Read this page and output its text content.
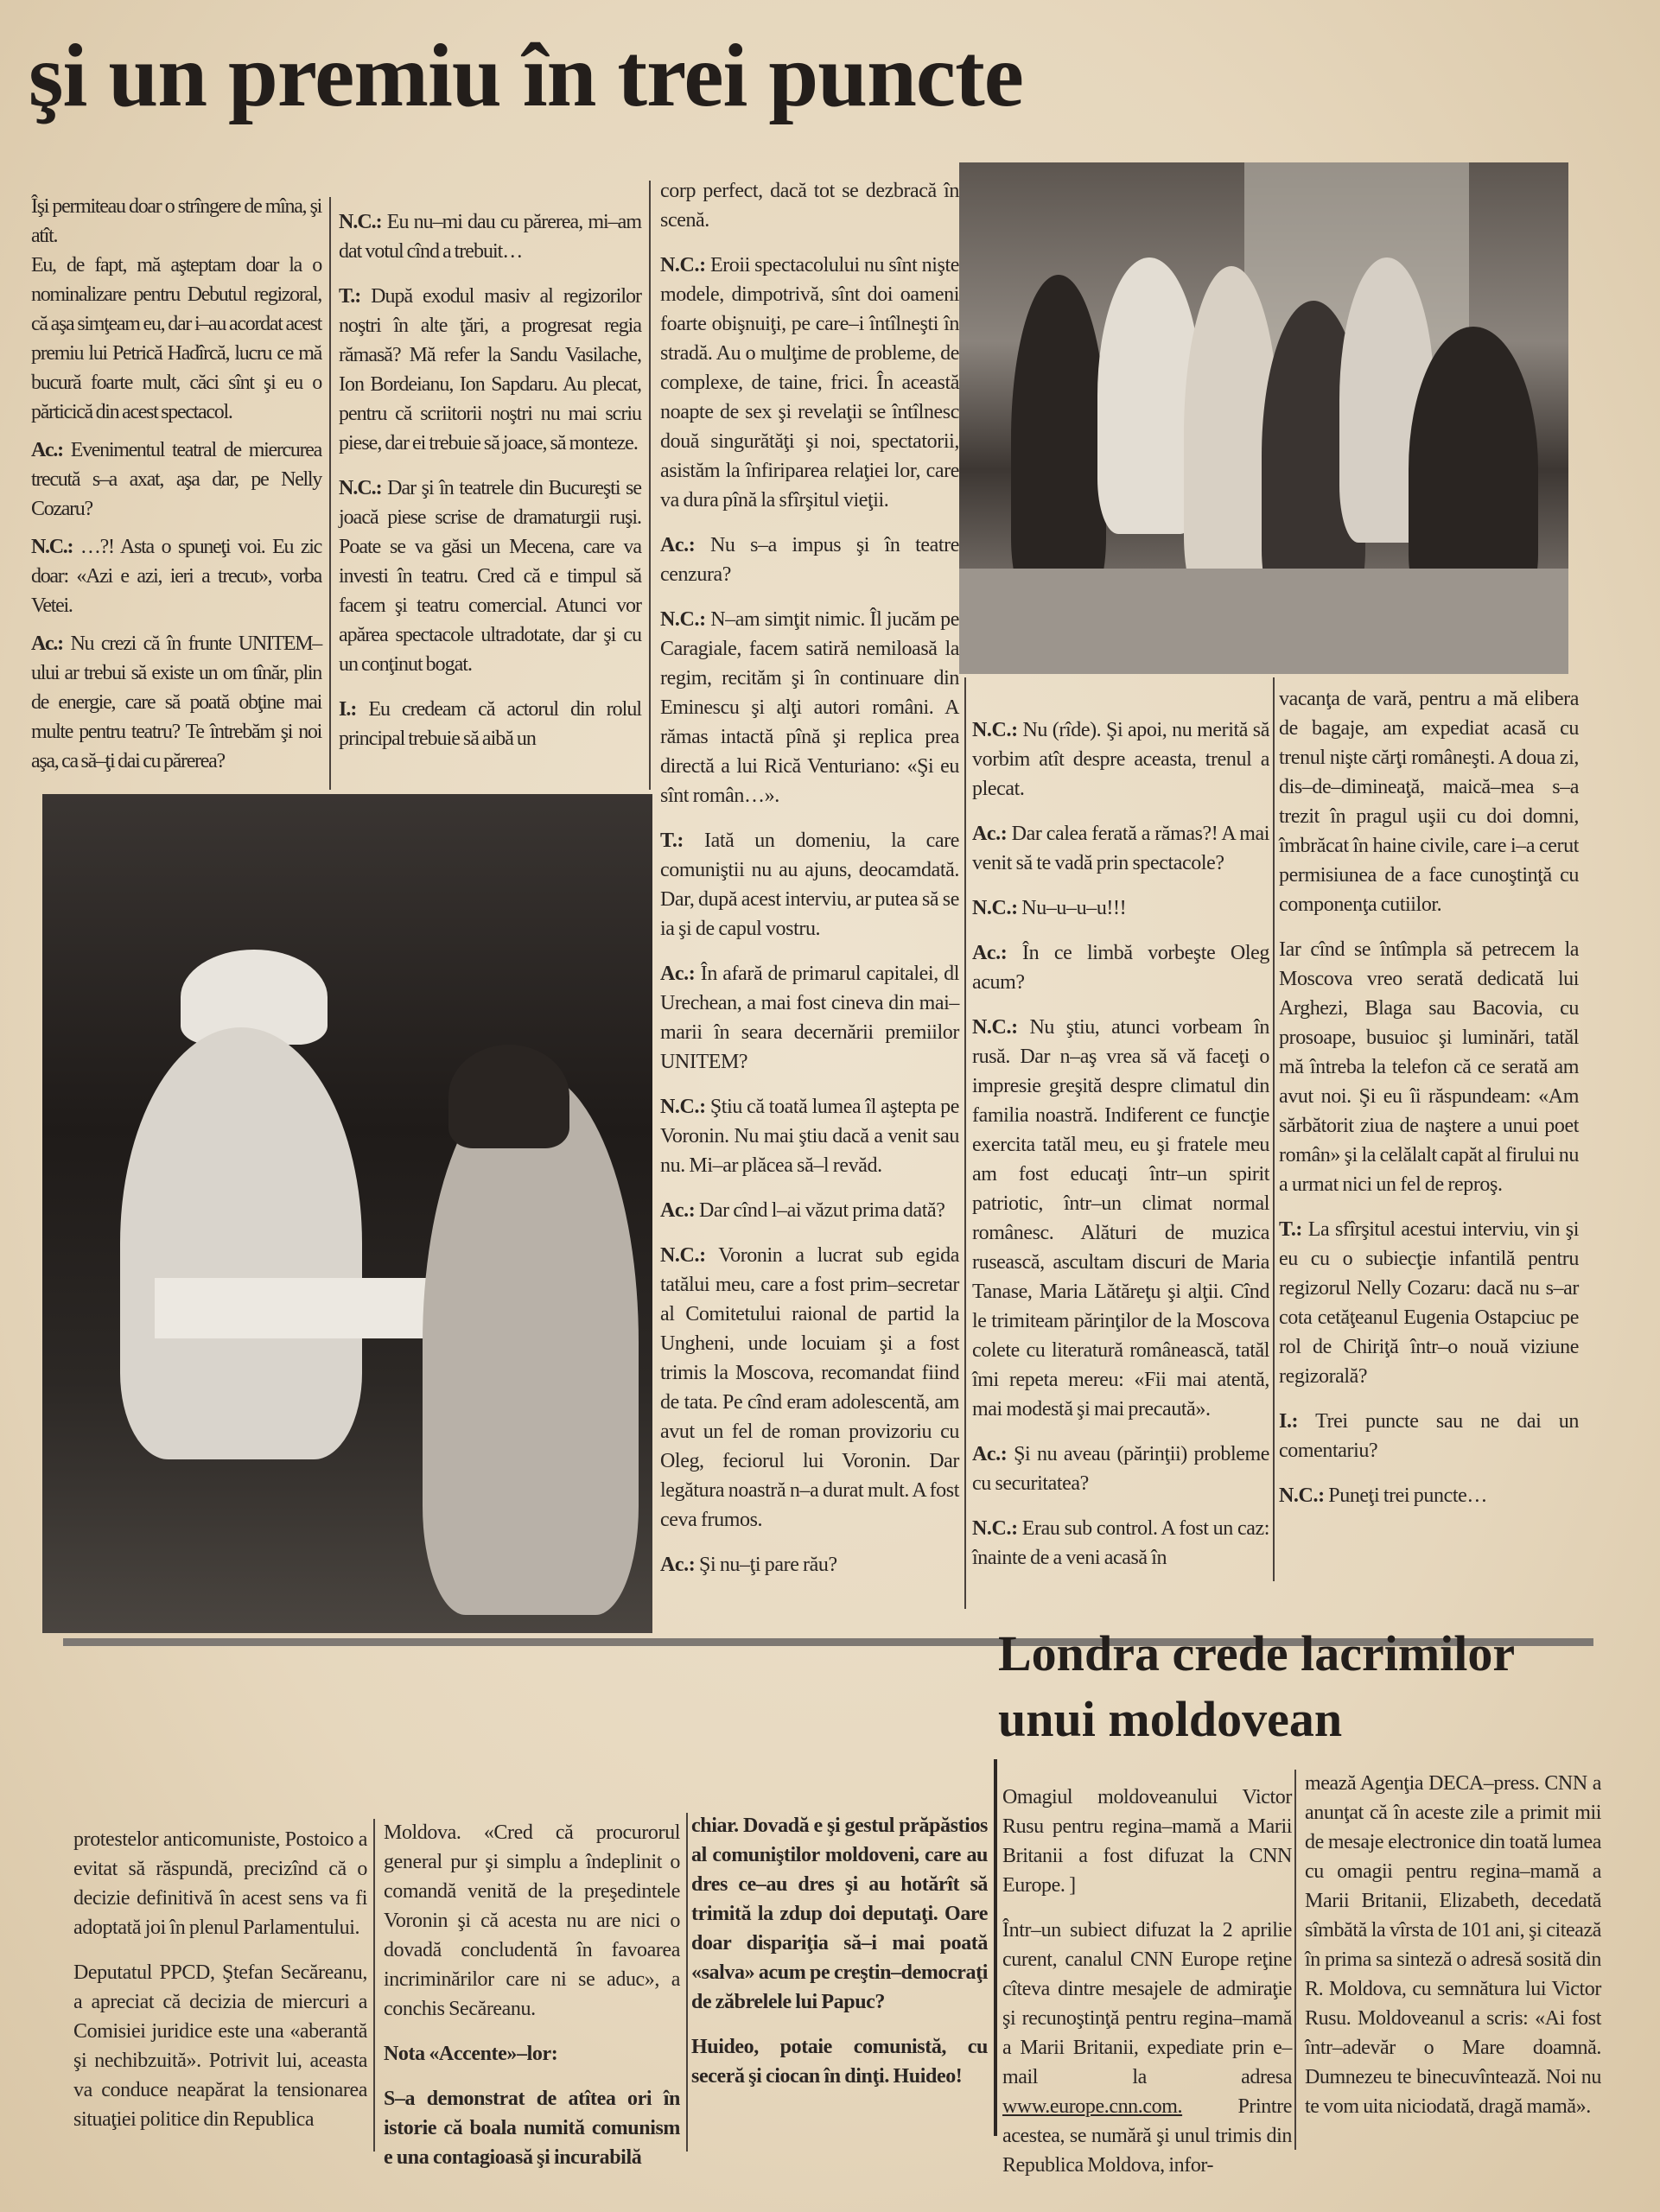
şi un premiu în trei puncte

Îşi permiteau doar o strîngere de mîna, şi atît.

Eu, de fapt, mă aşteptam doar la o nominalizare pentru Debutul regizoral, că aşa simţeam eu, dar i–au acordat acest premiu lui Petrică Hadîrcă, lucru ce mă bucură foarte mult, căci sînt şi eu o părticică din acest spectacol.

Ac.: Evenimentul teatral de miercurea trecută s–a axat, aşa dar, pe Nelly Cozaru?

N.C.: …?! Asta o spuneţi voi. Eu zic doar: «Azi e azi, ieri a trecut», vorba Vetei.

Ac.: Nu crezi că în frunte UNITEM–ului ar trebui să existe un om tînăr, plin de energie, care să poată obţine mai multe pentru teatru? Te întrebăm şi noi aşa, ca să–ţi dai cu părerea?

N.C.: Eu nu–mi dau cu părerea, mi–am dat votul cînd a trebuit…

T.: După exodul masiv al regizorilor noştri în alte ţări, a progresat regia rămasă? Mă refer la Sandu Vasilache, Ion Bordeianu, Ion Sapdaru. Au plecat, pentru că scriitorii noştri nu mai scriu piese, dar ei trebuie să joace, să monteze.

N.C.: Dar şi în teatrele din Bucureşti se joacă piese scrise de dramaturgii ruşi. Poate se va găsi un Mecena, care va investi în teatru. Cred că e timpul să facem şi teatru comercial. Atunci vor apărea spectacole ultradotate, dar şi cu un conţinut bogat.

I.: Eu credeam că actorul din rolul principal trebuie să aibă un

corp perfect, dacă tot se dezbracă în scenă.

N.C.: Eroii spectacolului nu sînt nişte modele, dimpotrivă, sînt doi oameni foarte obişnuiţi, pe care–i întîlneşti în stradă. Au o mulţime de probleme, de complexe, de taine, frici. În această noapte de sex şi revelaţii se întîlnesc două singurătăţi şi noi, spectatorii, asistăm la înfiriparea relaţiei lor, care va dura pînă la sfîrşitul vieţii.

Ac.: Nu s–a impus şi în teatre cenzura?

N.C.: N–am simţit nimic. Îl jucăm pe Caragiale, facem satiră nemiloasă la regim, recităm şi în continuare din Eminescu şi alţi autori români. A rămas intactă pînă şi replica prea directă a lui Rică Venturiano: «Şi eu sînt român…».

T.: Iată un domeniu, la care comuniştii nu au ajuns, deocamdată. Dar, după acest interviu, ar putea să se ia şi de capul vostru.

Ac.: În afară de primarul capitalei, dl Urechean, a mai fost cineva din mai–marii în seara decernării premiilor UNITEM?

N.C.: Ştiu că toată lumea îl aştepta pe Voronin. Nu mai ştiu dacă a venit sau nu. Mi–ar plăcea să–l revăd.

Ac.: Dar cînd l–ai văzut prima dată?

N.C.: Voronin a lucrat sub egida tatălui meu, care a fost prim–secretar al Comitetului raional de partid la Ungheni, unde locuiam şi a fost trimis la Moscova, recomandat fiind de tata. Pe cînd eram adolescentă, am avut un fel de roman provizoriu cu Oleg, feciorul lui Voronin. Dar legătura noastră n–a durat mult. A fost ceva frumos.

Ac.: Şi nu–ţi pare rău?

N.C.: Nu (rîde). Şi apoi, nu merită să vorbim atît despre aceasta, trenul a plecat.

Ac.: Dar calea ferată a rămas?! A mai venit să te vadă prin spectacole?

N.C.: Nu–u–u–u!!!

Ac.: În ce limbă vorbeşte Oleg acum?

N.C.: Nu ştiu, atunci vorbeam în rusă. Dar n–aş vrea să vă faceţi o impresie greşită despre climatul din familia noastră. Indiferent ce funcţie exercita tatăl meu, eu şi fratele meu am fost educaţi într–un spirit patriotic, într–un climat normal românesc. Alături de muzica rusească, ascultam discuri de Maria Tanase, Maria Lătăreţu şi alţii. Cînd le trimiteam părinţilor de la Moscova colete cu literatură românească, tatăl îmi repeta mereu: «Fii mai atentă, mai modestă şi mai precaută».

Ac.: Şi nu aveau (părinţii) probleme cu securitatea?

N.C.: Erau sub control. A fost un caz: înainte de a veni acasă în

vacanţa de vară, pentru a mă elibera de bagaje, am expediat acasă cu trenul nişte cărţi româneşti. A doua zi, dis–de–dimineaţă, maică–mea s–a trezit în pragul uşii cu doi domni, îmbrăcat în haine civile, care i–a cerut permisiunea de a face cunoştinţă cu componenţa cutiilor.

Iar cînd se întîmpla să petrecem la Moscova vreo serată dedicată lui Arghezi, Blaga sau Bacovia, cu prosoape, busuioc şi luminări, tatăl mă întreba la telefon că ce serată am avut noi. Şi eu îi răspundeam: «Am sărbătorit ziua de naştere a unui poet român» şi la celălalt capăt al firului nu a urmat nici un fel de reproş.

T.: La sfîrşitul acestui interviu, vin şi eu cu o subiecţie infantilă pentru regizorul Nelly Cozaru: dacă nu s–ar cota cetăţeanul Eugenia Ostapciuc pe rol de Chiriţă într–o nouă viziune regizorală?

I.: Trei puncte sau ne dai un comentariu?

N.C.: Puneţi trei puncte…

Londra crede lacrimilor
unui moldovean

protestelor anticomuniste, Postoico a evitat să răspundă, precizînd că o decizie definitivă în acest sens va fi adoptată joi în plenul Parlamentului.

Deputatul PPCD, Ştefan Secăreanu, a apreciat că decizia de miercuri a Comisiei juridice este una «aberantă şi nechibzuită». Potrivit lui, aceasta va conduce neapărat la tensionarea situaţiei politice din Republica

Moldova. «Cred că procurorul general pur şi simplu a îndeplinit o comandă venită de la preşedintele Voronin şi că acesta nu are nici o dovadă concludentă în favoarea incriminărilor care ni se aduc», a conchis Secăreanu.

Nota «Accente»–lor:

S–a demonstrat de atîtea ori în istorie că boala numită comunism e una contagioasă şi incurabilă

chiar. Dovadă e şi gestul prăpăstios al comuniştilor moldoveni, care au dres ce–au dres şi au hotărît să trimită la zdup doi deputaţi. Oare doar dispariţia să–i mai poată «salva» acum pe creştin–democraţi de zăbrelele lui Papuc?

Huideo, potaie comunistă, cu seceră şi ciocan în dinţi. Huideo!

Omagiul moldoveanului Victor Rusu pentru regina–mamă a Marii Britanii a fost difuzat la CNN Europe. ]

Într–un subiect difuzat la 2 aprilie curent, canalul CNN Europe reţine cîteva dintre mesajele de admiraţie şi recunoştinţă pentru regina–mamă a Marii Britanii, expediate prin e–mail la adresa www.europe.cnn.com. Printre acestea, se numără şi unul trimis din Republica Moldova, infor-

mează Agenţia DECA–press. CNN a anunţat că în aceste zile a primit mii de mesaje electronice din toată lumea cu omagii pentru regina–mamă a Marii Britanii, Elizabeth, decedată sîmbătă la vîrsta de 101 ani, şi citează în prima sa sinteză o adresă sosită din R. Moldova, cu semnătura lui Victor Rusu. Moldoveanul a scris: «Ai fost într–adevăr o Mare doamnă. Dumnezeu te binecuvîntează. Noi nu te vom uita niciodată, dragă mamă».
